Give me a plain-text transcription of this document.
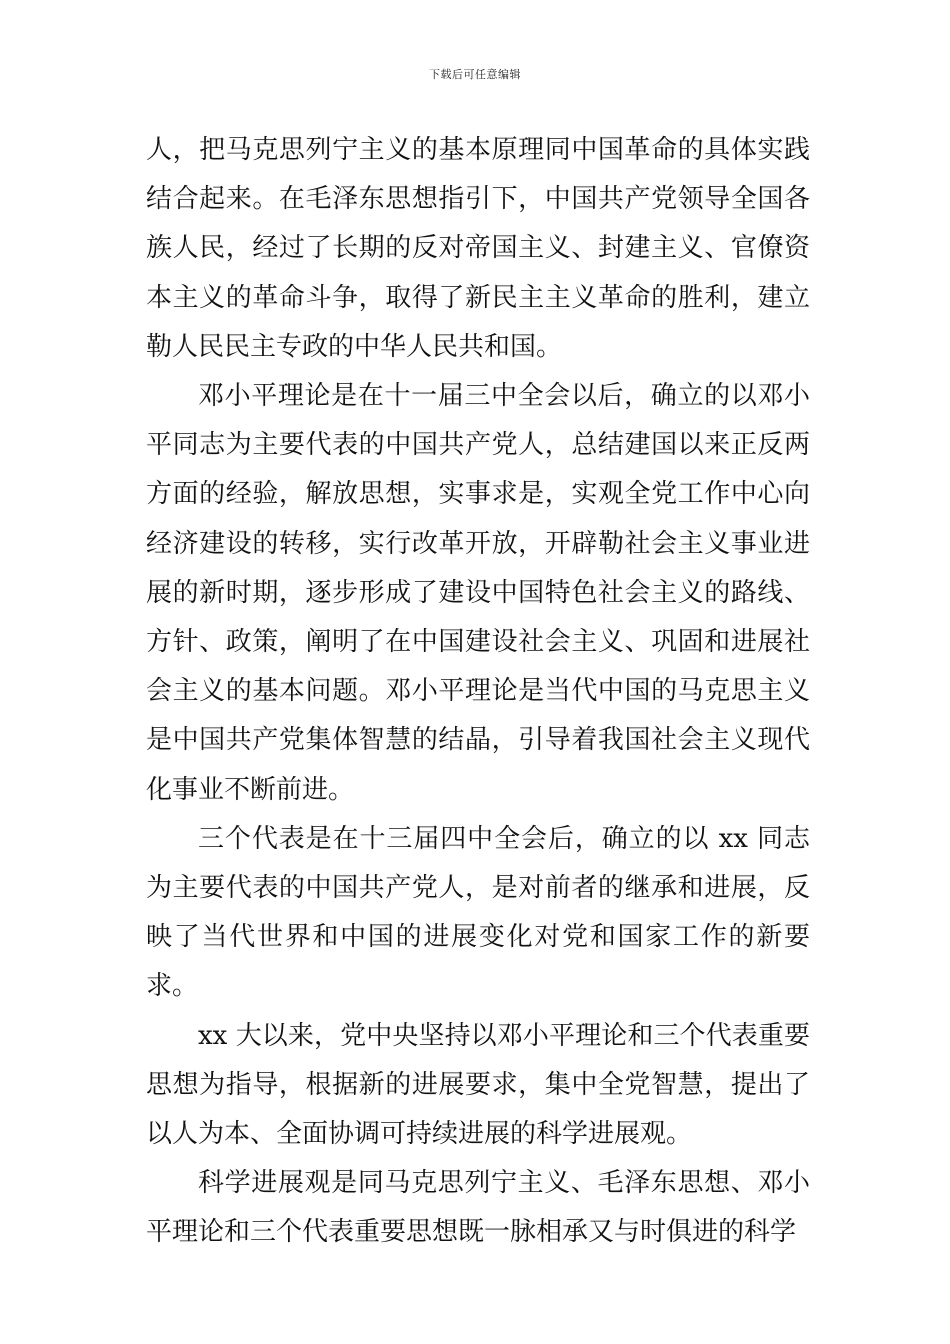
下载后可任意编辑

人，把马克思列宁主义的基本原理同中国革命的具体实践结合起来。在毛泽东思想指引下，中国共产党领导全国各族人民，经过了长期的反对帝国主义、封建主义、官僚资本主义的革命斗争，取得了新民主主义革命的胜利，建立勒人民民主专政的中华人民共和国。

邓小平理论是在十一届三中全会以后，确立的以邓小平同志为主要代表的中国共产党人，总结建国以来正反两方面的经验，解放思想，实事求是，实观全党工作中心向经济建设的转移，实行改革开放，开辟勒社会主义事业进展的新时期，逐步形成了建设中国特色社会主义的路线、方针、政策，阐明了在中国建设社会主义、巩固和进展社会主义的基本问题。邓小平理论是当代中国的马克思主义是中国共产党集体智慧的结晶，引导着我国社会主义现代化事业不断前进。

三个代表是在十三届四中全会后，确立的以 xx 同志为主要代表的中国共产党人，是对前者的继承和进展，反映了当代世界和中国的进展变化对党和国家工作的新要求。

xx 大以来，党中央坚持以邓小平理论和三个代表重要思想为指导，根据新的进展要求，集中全党智慧，提出了以人为本、全面协调可持续进展的科学进展观。

科学进展观是同马克思列宁主义、毛泽东思想、邓小平理论和三个代表重要思想既一脉相承又与时俱进的科学
